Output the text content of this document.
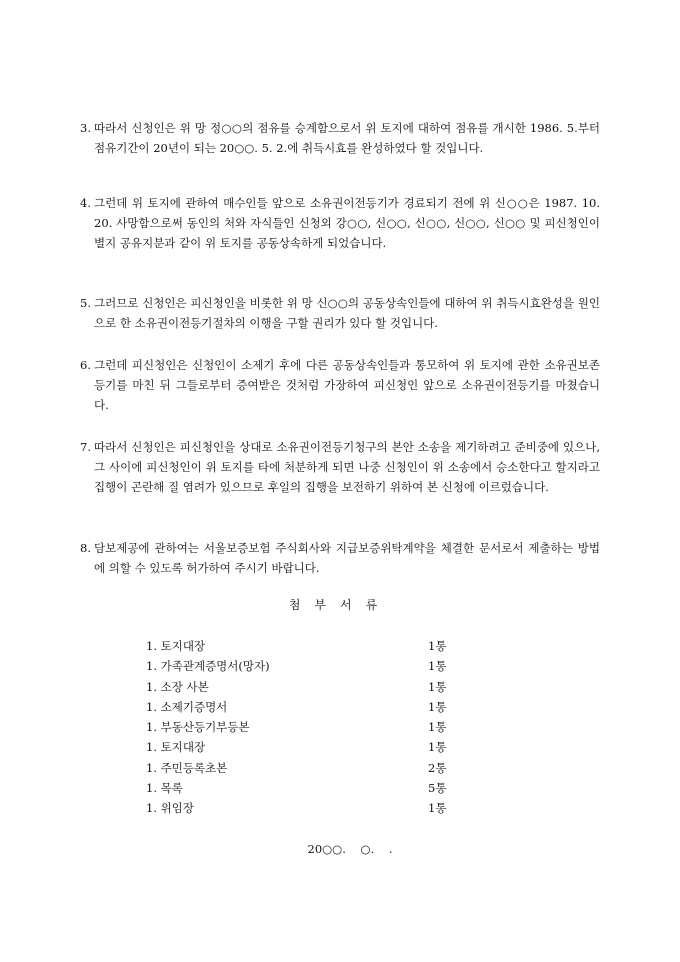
3. 따라서 신청인은 위 망 정○○의 점유를 승계함으로서 위 토지에 대하여 점유를 개시한 1986. 5.부터 점유기간이 20년이 되는 20○○. 5. 2.에 취득시효를 완성하였다 할 것입니다.
4. 그런데 위 토지에 관하여 매수인들 앞으로 소유권이전등기가 경료되기 전에 위 신○○은 1987. 10. 20. 사망함으로써 동인의 처와 자식들인 신청외 강○○, 신○○, 신○○, 신○○, 신○○ 및 피신청인이 별지 공유지분과 같이 위 토지를 공동상속하게 되었습니다.
5. 그러므로 신청인은 피신청인을 비롯한 위 망 신○○의 공동상속인들에 대하여 위 취득시효완성을 원인으로 한 소유권이전등기절차의 이행을 구할 권리가 있다 할 것입니다.
6. 그런데 피신청인은 신청인이 소제기 후에 다른 공동상속인들과 통모하여 위 토지에 관한 소유권보존등기를 마친 뒤 그들로부터 증여받은 것처럼 가장하여 피신청인 앞으로 소유권이전등기를 마쳤습니다.
7. 따라서 신청인은 피신청인을 상대로 소유권이전등기청구의 본안 소송을 제기하려고 준비중에 있으나, 그 사이에 피신청인이 위 토지를 타에 처분하게 되면 나중 신청인이 위 소송에서 승소한다고 할지라고 집행이 곤란해 질 염려가 있으므로 후일의 집행을 보전하기 위하여 본 신청에 이르렀습니다.
8. 담보제공에 관하여는 서울보증보험 주식회사와 지급보증위탁계약을 체결한 문서로서 제출하는 방법에 의할 수 있도록 허가하여 주시기 바랍니다.
첨부서류
1. 토지대장	1통
1. 가족관계증명서(망자)	1통
1. 소장 사본	1통
1. 소제기증명서	1통
1. 부동산등기부등본	1통
1. 토지대장	1통
1. 주민등록초본	2통
1. 목록	5통
1. 위임장	1통
20○○.    ○.    .
